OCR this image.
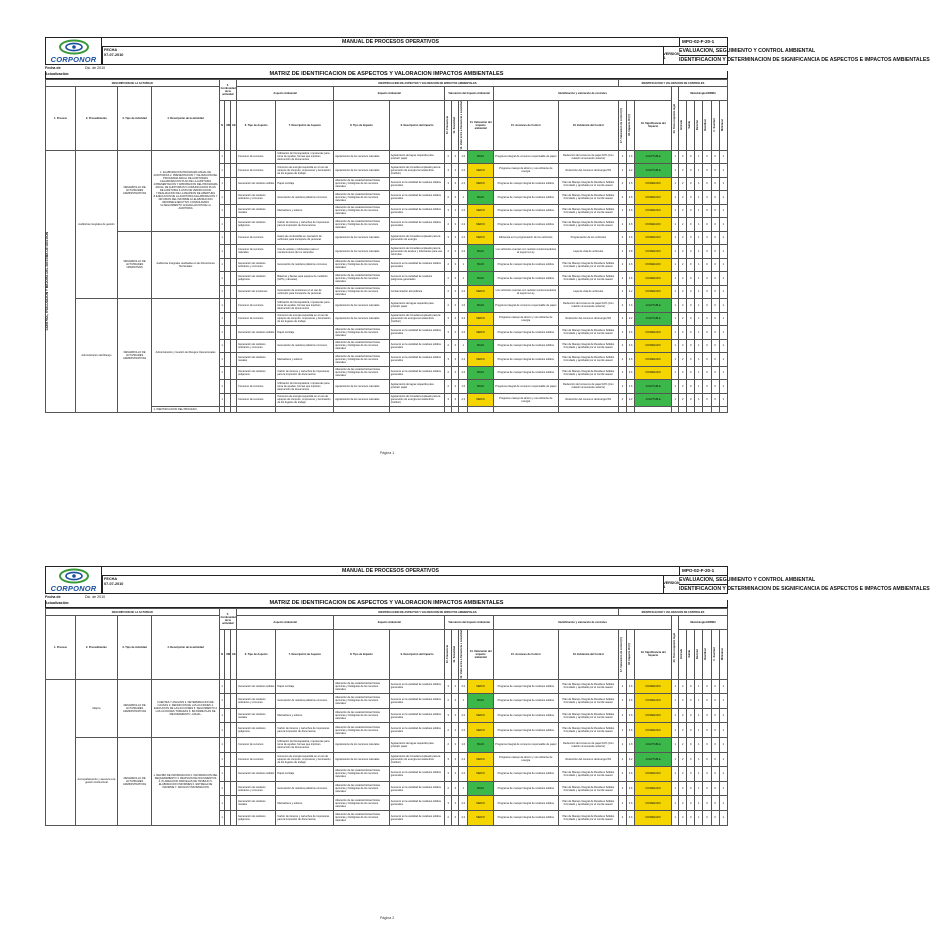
CORPONOR
MANUAL DE PROCESOS OPERATIVOS	MPO-02-F-20-1
EVALUACION, SEGUIMIENTO Y CONTROL AMBIENTAL
FECHA
07-07-2010	VERSION 1	IDENTIFICACION Y DETERMINACION DE SIGNIFICANCIA DE ASPECTOS E IMPACTOS AMBIENTALES
Fecha de Actualización:
Dic. de 2010
MATRIZ DE IDENTIFICACION DE ASPECTOS Y VALORACION IMPACTOS AMBIENTALES
DESCRIPCION DE LA ACTIVIDAD				5. Continuidad de la actividad			IDENTIFICACION DE ASPECTOS Y VALORACION DE IMPACTOS AMBIENTALES										IDENTIFICACION Y VALORACION DE CONTROLES									
1. Proceso	2. Procedimiento	3. Tipo de Actividad	4. Descripción de la actividad				Aspecto Ambiental		Impacto Ambiental		Valoración del Impacto Ambiental				Identificación y valoración de controles					20. Tiene requisito legal	Metodología ERRMA					
				N	NN	EE	6. Tipo de Aspecto	7. Descripción de Aspecto	8. Tipo de Impacto	9. Descripción del Impacto	10. Frecuencia	11. Severidad	12. Valor entre a frecuencia x severidad	14. Valoración del impacto ambiental	15. Acciones de Control	16. Evidencia del Control	17. Valoración de control (C)	18. Impacto ID (C)	19. Significancia del Impacto		Entrada	Salida	Reciclar	Reutilizar	C. Sustituir	Minimizar

CONTROL, EVALUACION Y MEJORA DEL SISTEMA DE GESTION	Auditorías integrales de gestión	DESARROLLO DE ACTIVIDADES ADMINISTRATIVAS	1. ELABORACION PROGRAMA ANUAL DE AUDITORIAS 2. PRESENTACION Y VALIDACION DEL PROGRAMA ANUAL DE AUDITORIAS 3.ELABORACION PLAN DE LA AUDITORIA 4.PRESENTACION Y APROBACION DEL PROGRAMA ANUAL DE AUDITORIAS 5.COMUNICACION PLAN DE AUDITORIA 6.LISTA DE VERIFICACION 7.REALIZACION DE LA REUNION DE APERTURA 8.EJECUCION DE LA AUDITORIA 9.ELABORACION Y DIFUSION DEL INFORME 10.ELABORACION INFORME EJECUTIVO CONSOLIDADO 11.SEGUIMIENTO 12.EVALUACION DE LA AUDITORIA	1			Consumo de recursos	Utilización de fotocopiadora, impresoras para toma de ayudas, formas que implican destrucción de documentos	Agotamiento de los recursos naturales	Agotamiento del agua requerida para producir papel	2	3	1.6	BAJO	Programa integral de consumo responsable de papel	Reducción del consumo de papel 10% (Con relación al semestre anterior)	2	1.6	ACEPTABLE	1	2	0	1	0	0	1
				1			Consumo de recursos	Consumo de energía requerida en el uso de equipos de cómputo, impresoras y iluminación de los lugares de trabajo	Agotamiento de los recursos naturales	Agotamiento de Inmediat empleado para la generación de energía termoeléctrica (Carbón)	3	3	2.2	MEDIO	Programa manejo de ahorro y uso eficiente de energía	Reducción del consumo de Energía 5%	2	2.2	ACEPTABLE	1	2	0	1	0	0	1
				1			Generación de residuos sólidos	Papel reciclaje	Alteración de las características físicas químicas y biológicas de los recursos naturales	Aumento en la cantidad de residuos sólidos generados	3	3	2.2	MEDIO	Programa de manejo integral de residuos sólidos	Plan de Manejo Integral de Residuos Sólidos formulado y aprobado por el comité asesor	2	4.5	MODERADO	1	2	0	1	0	0	1
				1			Generación de residuos ordinarios y comunes	Generación de residuos plásticos comunes	Alteración de las características físicas químicas y biológicas de los recursos naturales	Aumento en la cantidad de residuos sólidos generados	2	3	1	BAJO	Programa de manejo integral de residuos sólidos	Plan de Manejo Integral de Residuos Sólidos formulado y aprobado por el comité asesor	2	4.5	MODERADO	1	2	0	1	0	0	1
				1			Generación de residuos metales	Marcadores y esferos	Alteración de las características físicas químicas y biológicas de los recursos naturales	Aumento en la cantidad de residuos sólidos generados	3	3	2.2	MEDIO	Programa de manejo integral de residuos sólidos	Plan de Manejo Integral de Residuos Sólidos formulado y aprobado por el comité asesor	2	4.6	MODERADO	1	2	0	1	0	0	1
				1			Generación de residuos peligrosos	Cartón de tóneres y cartuchos de impresoras para la impresión de documentos	Alteración de las características físicas químicas y biológicas de los recursos naturales	Aumento en la cantidad de residuos sólidos generados	2	3	2.2	MEDIO	Programa de manejo integral de residuos sólidos	Plan de Manejo Integral de Residuos Sólidos formulado y aprobado por el comité asesor	2	4.6	MODERADO	1	2	0	1	0	0	1
		DESARROLLO DE ACTIVIDADES OPERATIVAS	Auditorías Integrales realizadas en las Direcciones Territoriales	1			Consumo de recursos	Gasto de combustible en operación de vehículos para transporte de personal	Agotamiento de los recursos naturales	Agotamiento de Inmediat empleado para la generación de energía	3	3	2.2	MEDIO	Eficiencia en la programación de los vehículos	Programación de los vehículos	2	4.6	MODERADO	1	2	0	1	0	0	1
				1			Consumo de recursos naturales	Uso de aceites y lubricantes para el mantenimiento de los vehículos	Agotamiento de los recursos naturales	Agotamiento de Inmediat empleado para la generación de aceites y lubricantes para uso vehículos	2	3	2.2	BAJO	Los vehículos cuentan con revisión tecnicomecánica al según la Ley	Hoja de vida de vehículos	2	3.8	MODERADO	1	2	0	1	0	0	1
				1			Generación de residuos ordinarios y comunes	Generación de residuos plásticos comunes	Alteración de las características físicas químicas y biológicas de los recursos naturales	Aumento en la cantidad de residuos sólidos generados	2	3	1	BAJO	Programa de manejo integral de residuos sólidos	Plan de Manejo Integral de Residuos Sólidos formulado y aprobado por el comité asesor	2	4.6	MODERADO	1	2	0	1	0	0	1
				1			Generación de residuos peligrosos	Baterías y llantas para equipos de medición (GPS y cámaras)	Alteración de las características físicas químicas y biológicas de los recursos naturales	Aumento en la cantidad de residuos peligrosos generados	2	3	1	BAJO	Programa de manejo integral de residuos sólidos	Plan de Manejo Integral de Residuos Sólidos formulado y aprobado por el comité asesor	2	4.6	MODERADO	1	2	0	1	0	0	1
				1			Generación de emisiones	Generación de emisiones en el uso de vehículos para transporte de personal	Alteración de las características físicas químicas y biológicas de los recursos naturales	Contaminación atmosférica	2	3	2.2	MEDIO	Los vehículos cuentan con revisión tecnicomecánica al según la Ley	Hoja de vida de vehículos	2	4.2	MODERADO	1	2	0	1	0	0	1
	Administracion del Riesgo	DESARROLLO DE ACTIVIDADES ADMINISTRATIVAS	Administración y Gestión de Riesgos Operacionales	1			Consumo de recursos	Utilización de fotocopiadora, impresoras para toma de ayudas, formas que implican destrucción de documentos	Agotamiento de los recursos naturales	Agotamiento del agua requerida para producir papel	2	3	1.6	BAJO	Programa integral de consumo responsable de papel	Reducción del consumo de papel 10% (Con relación al semestre anterior)	2	1.6	ACEPTABLE	1	2	0	1	0	0	1
				1			Consumo de recursos	Consumo de energía requerida en el uso de equipos de cómputo, impresoras y iluminación de los lugares de trabajo	Agotamiento de los recursos naturales	Agotamiento de Inmediat empleado para la generación de energía termoeléctrica (Carbón)	3	3	2.2	MEDIO	Programa manejo de ahorro y uso eficiente de energía	Reducción del consumo de Energía 5%	2	2.2	ACEPTABLE	1	2	0	1	0	0	1
				1			Generación de residuos sólidos	Papel reciclaje	Alteración de las características físicas químicas y biológicas de los recursos naturales	Aumento en la cantidad de residuos sólidos generados	3	3	2.2	MEDIO	Programa de manejo integral de residuos sólidos	Plan de Manejo Integral de Residuos Sólidos formulado y aprobado por el comité asesor	2	4.6	MODERADO	1	2	0	1	0	0	1
				1			Generación de residuos ordinarios y comunes	Generación de residuos plásticos comunes	Alteración de las características físicas químicas y biológicas de los recursos naturales	Aumento en la cantidad de residuos sólidos generados	2	3	1	BAJO	Programa de manejo integral de residuos sólidos	Plan de Manejo Integral de Residuos Sólidos formulado y aprobado por el comité asesor	2	4.6	MODERADO	1	2	0	1	0	0	1
				1			Generación de residuos metales	Marcadores y esferos	Alteración de las características físicas químicas y biológicas de los recursos naturales	Aumento en la cantidad de residuos sólidos generados	3	3	2.2	MEDIO	Programa de manejo integral de residuos sólidos	Plan de Manejo Integral de Residuos Sólidos formulado y aprobado por el comité asesor	2	4.6	MODERADO	1	2	0	1	0	0	1
				1			Generación de residuos peligrosos	Cartón de tóneres y cartuchos de impresoras para la impresión de documentos	Alteración de las características físicas químicas y biológicas de los recursos naturales	Aumento en la cantidad de residuos sólidos generados	2	3	2.2	BAJO	Programa de manejo integral de residuos sólidos	Plan de Manejo Integral de Residuos Sólidos formulado y aprobado por el comité asesor	2	4.6	MODERADO	1	2	0	1	0	0	1
				1			Consumo de recursos	Utilización de fotocopiadora, impresoras para toma de ayudas, formas que implican destrucción de documentos	Agotamiento de los recursos naturales	Agotamiento del agua requerida para producir papel	2	3	1.6	BAJO	Programa integral de consumo responsable de papel	Reducción del consumo de papel 10% (Con relación al semestre anterior)	2	1.6	ACEPTABLE	1	2	0	1	0	0	1
				1			Consumo de recursos	Consumo de energía requerida en el uso de equipos de cómputo, impresoras y iluminación de los lugares de trabajo	Agotamiento de los recursos naturales	Agotamiento de Inmediat empleado para la generación de energía termoeléctrica (Carbón)	3	3	2.2	MEDIO	Programa manejo de ahorro y uso eficiente de energía	Reducción del consumo de Energía 5%	2	2.2	ACEPTABLE	1	2	0	1	0	0	1
			1. IDENTIFICACION DEL PROCESO,																							
Página 1
CORPONOR
MANUAL DE PROCESOS OPERATIVOS	MPO-02-F-20-1
EVALUACION, SEGUIMIENTO Y CONTROL AMBIENTAL
FECHA
07-07-2010	VERSION 1	IDENTIFICACION Y DETERMINACION DE SIGNIFICANCIA DE ASPECTOS E IMPACTOS AMBIENTALES
Fecha de Actualización:
Dic. de 2010
MATRIZ DE IDENTIFICACION DE ASPECTOS Y VALORACION IMPACTOS AMBIENTALES
DESCRIPCION DE LA ACTIVIDAD				5. Continuidad de la actividad			IDENTIFICACION DE ASPECTOS Y VALORACION DE IMPACTOS AMBIENTALES										IDENTIFICACION Y VALORACION DE CONTROLES									
1. Proceso	2. Procedimiento	3. Tipo de Actividad	4. Descripción de la actividad				Aspecto Ambiental		Impacto Ambiental		Valoración del Impacto Ambiental				Identificación y valoración de controles					20. Tiene requisito legal	Metodología ERRMA					
				N	NN	EE	6. Tipo de Aspecto	7. Descripción de Aspecto	8. Tipo de Impacto	9. Descripción del Impacto	10. Frecuencia	11. Severidad	12. Valor entre a frecuencia x severidad	14. Valoración del impacto ambiental	15. Acciones de Control	16. Evidencia del Control	17. Valoración de control (C)	18. Impacto ID (C)	19. Significancia del Impacto		Entrada	Salida	Reciclar	Reutilizar	C. Sustituir	Minimizar

	Mejora	DESARROLLO DE ACTIVIDADES ADMINISTRATIVAS	FUENTES Y ANALISIS 2. DETERMINACION DE CAUSAS 3. DEFINICION DE LAS ACCIONES 4. EJECUCION DE LAS ACCIONES 5. SEGUIMIENTO A LAS ACCIONES TOMADAS 6. INFORME PLAN DE MEJORAMIENTO -ANUAL-	1			Generación de residuos sólidos	Papel reciclaje	Alteración de las características físicas químicas y biológicas de los recursos naturales	Aumento en la cantidad de residuos sólidos generados	3	3	2.2	MEDIO	Programa de manejo integral de residuos sólidos	Plan de Manejo Integral de Residuos Sólidos formulado y aprobado por el comité asesor	2	4.6	MODERADO	1	2	0	1	0	0	1
				1			Generación de residuos ordinarios y comunes	Generación de residuos plásticos comunes	Alteración de las características físicas químicas y biológicas de los recursos naturales	Aumento en la cantidad de residuos sólidos generados	2	3	1	BAJO	Programa de manejo integral de residuos sólidos	Plan de Manejo Integral de Residuos Sólidos formulado y aprobado por el comité asesor	2	4.6	MODERADO	1	2	0	1	0	0	1
				1			Generación de residuos metales	Marcadores y esferos	Alteración de las características físicas químicas y biológicas de los recursos naturales	Aumento en la cantidad de residuos sólidos generados	3	3	2.2	MEDIO	Programa de manejo integral de residuos sólidos	Plan de Manejo Integral de Residuos Sólidos formulado y aprobado por el comité asesor	2	4.6	MODERADO	1	2	0	1	0	0	1
				1			Generación de residuos peligrosos	Cartón de tóneres y cartuchos de impresoras para la impresión de documentos	Alteración de las características físicas químicas y biológicas de los recursos naturales	Aumento en la cantidad de residuos sólidos generados	2	3	2.2	MEDIO	Programa de manejo integral de residuos sólidos	Plan de Manejo Integral de Residuos Sólidos formulado y aprobado por el comité asesor	2	4.6	MODERADO	1	2	0	1	0	0	1
	Acompañamiento y asesoría a la gestión institucional	DESARROLLO DE ACTIVIDADES ADMINISTRATIVAS	1. RECIBO DE INFORMACION 2. INFORMACION DEL REQUERIMIENTO 3. REVISION DE DOCUMENTOS 4. PLANEACION PARCELAS DE TRABAJO 5. ELABORACION INFORMES 6. ENTREGA DE INFORME 7. ARCHIVO INFORMACION	1			Consumo de recursos	Utilización de fotocopiadora, impresoras para toma de ayudas, formas que implican destrucción de documentos	Agotamiento de los recursos naturales	Agotamiento del agua requerida para producir papel	2	3	1.6	BAJO	Programa integral de consumo responsable de papel	Reducción del consumo de papel 10% (Con relación al semestre anterior)	2	1.6	ACEPTABLE	1	2	0	1	0	0	1
				1			Consumo de recursos	Consumo de energía requerida en el uso de equipos de cómputo, impresoras y iluminación de los lugares de trabajo	Agotamiento de los recursos naturales	Agotamiento de Inmediat empleado para la generación de energía termoeléctrica (Carbón)	3	3	2.2	MEDIO	Programa manejo de ahorro y uso eficiente de energía	Reducción del consumo de Energía 5%	2	2.2	ACEPTABLE	1	2	0	1	0	0	1
				1			Generación de residuos sólidos	Papel reciclaje	Alteración de las características físicas químicas y biológicas de los recursos naturales	Aumento en la cantidad de residuos sólidos generados	3	3	2.2	MEDIO	Programa de manejo integral de residuos sólidos	Plan de Manejo Integral de Residuos Sólidos formulado y aprobado por el comité asesor	2	4.6	MODERADO	1	2	0	1	0	0	1
				1			Generación de residuos ordinarios y comunes	Generación de residuos plásticos comunes	Alteración de las características físicas químicas y biológicas de los recursos naturales	Aumento en la cantidad de residuos sólidos generados	2	3	1	BAJO	Programa de manejo integral de residuos sólidos	Plan de Manejo Integral de Residuos Sólidos formulado y aprobado por el comité asesor	2	4.6	MODERADO	1	2	0	1	0	0	1
				1			Generación de residuos metales	Marcadores y esferos	Alteración de las características físicas químicas y biológicas de los recursos naturales	Aumento en la cantidad de residuos sólidos generados	3	3	2.2	MEDIO	Programa de manejo integral de residuos sólidos	Plan de Manejo Integral de Residuos Sólidos formulado y aprobado por el comité asesor	2	4.6	MODERADO	1	2	0	1	0	0	1
				1			Generación de residuos peligrosos	Cartón de tóneres y cartuchos de impresoras para la impresión de documentos	Alteración de las características físicas químicas y biológicas de los recursos naturales	Aumento en la cantidad de residuos sólidos generados	2	3	2.2	MEDIO	Programa de manejo integral de residuos sólidos	Plan de Manejo Integral de Residuos Sólidos formulado y aprobado por el comité asesor	2	4.6	MODERADO	1	2	0	1	0	0	1
Página 2
